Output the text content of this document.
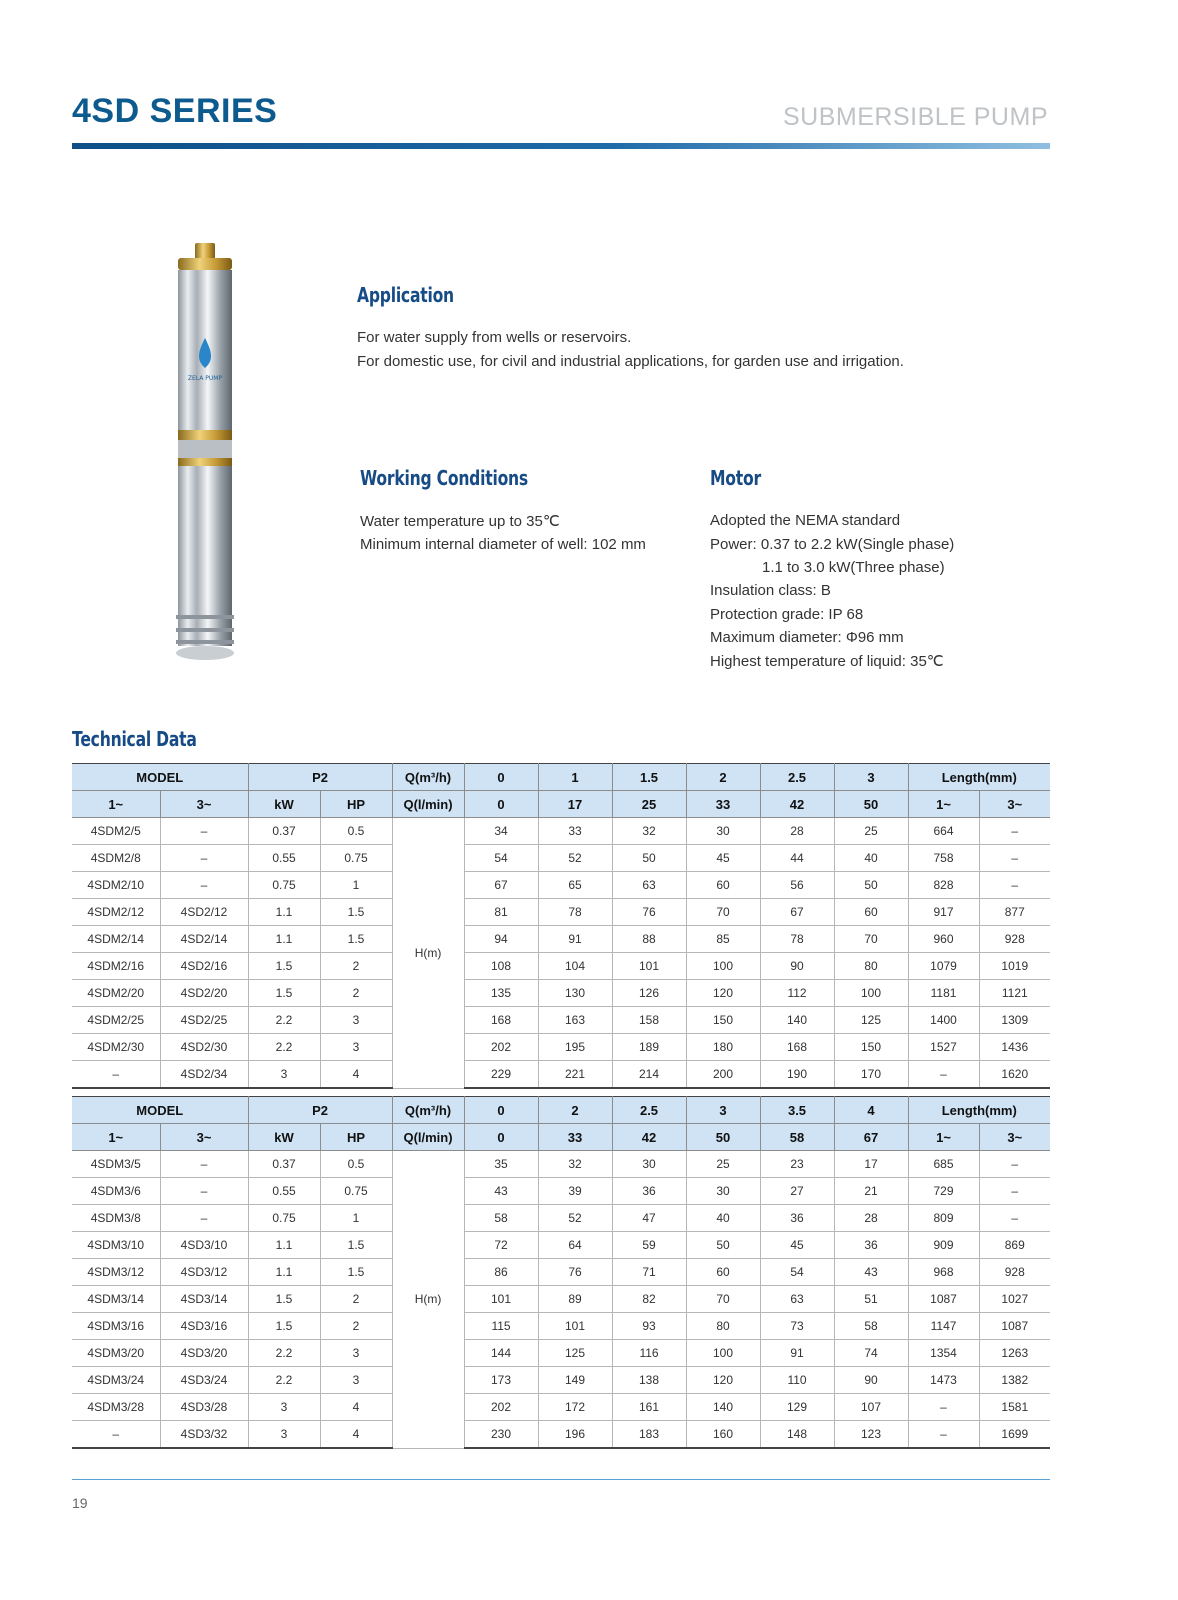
4SD SERIES	SUBMERSIBLE PUMP
ZELA PUMP
Application
For water supply from wells or reservoirs.
For domestic use, for civil and industrial applications, for garden use and irrigation.
Working Conditions
Water temperature up to 35℃
Minimum internal diameter of well: 102 mm
Motor
Adopted the NEMA standard
Power: 0.37 to 2.2 kW(Single phase)
1.1 to 3.0 kW(Three phase)
Insulation class: B
Protection grade: IP 68
Maximum diameter: Φ96 mm
Highest temperature of liquid: 35℃
Technical Data
MODEL		P2		Q(m³/h)	0	1	1.5	2	2.5	3	Length(mm)	
1~	3~	kW	HP	Q(l/min)	0	17	25	33	42	50	1~	3~
4SDM2/5	–	0.37	0.5	H(m)	34	33	32	30	28	25	664	–
4SDM2/8	–	0.55	0.75		54	52	50	45	44	40	758	–
4SDM2/10	–	0.75	1		67	65	63	60	56	50	828	–
4SDM2/12	4SD2/12	1.1	1.5		81	78	76	70	67	60	917	877
4SDM2/14	4SD2/14	1.1	1.5		94	91	88	85	78	70	960	928
4SDM2/16	4SD2/16	1.5	2		108	104	101	100	90	80	1079	1019
4SDM2/20	4SD2/20	1.5	2		135	130	126	120	112	100	1181	1121
4SDM2/25	4SD2/25	2.2	3		168	163	158	150	140	125	1400	1309
4SDM2/30	4SD2/30	2.2	3		202	195	189	180	168	150	1527	1436
–	4SD2/34	3	4		229	221	214	200	190	170	–	1620
MODEL		P2		Q(m³/h)	0	2	2.5	3	3.5	4	Length(mm)	
1~	3~	kW	HP	Q(l/min)	0	33	42	50	58	67	1~	3~
4SDM3/5	–	0.37	0.5	H(m)	35	32	30	25	23	17	685	–
4SDM3/6	–	0.55	0.75		43	39	36	30	27	21	729	–
4SDM3/8	–	0.75	1		58	52	47	40	36	28	809	–
4SDM3/10	4SD3/10	1.1	1.5		72	64	59	50	45	36	909	869
4SDM3/12	4SD3/12	1.1	1.5		86	76	71	60	54	43	968	928
4SDM3/14	4SD3/14	1.5	2		101	89	82	70	63	51	1087	1027
4SDM3/16	4SD3/16	1.5	2		115	101	93	80	73	58	1147	1087
4SDM3/20	4SD3/20	2.2	3		144	125	116	100	91	74	1354	1263
4SDM3/24	4SD3/24	2.2	3		173	149	138	120	110	90	1473	1382
4SDM3/28	4SD3/28	3	4		202	172	161	140	129	107	–	1581
–	4SD3/32	3	4		230	196	183	160	148	123	–	1699
19
